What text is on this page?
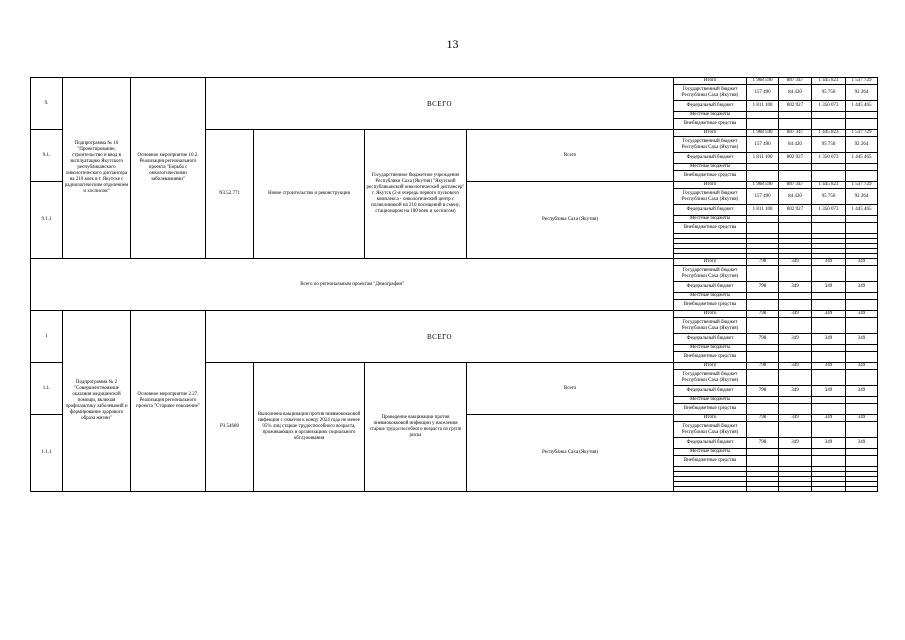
13
9.	Подпрограмма № 10 "Проектирование, строительство и ввод в эксплуатацию Якутского республиканского онкологического диспансера на 210 коек в г. Якутске с радиологическим отделением и хосписом"	Основное мероприятие 10.2. Реализация регионального проекта "Борьба с онкологическими заболеваниями"	ВСЕГО				Итого	1 968 590	887 347	1 445 823	1 537 729
							Государственный бюджет Республики Саха (Якутия)	157 490	84 420	95 750	92 264
							Федеральный бюджет	1 811 100	802 927	1 350 073	1 445 465
							Местные бюджеты				
							Внебюджетные средства				
9.1.			N3.52.771	Новое строительство и реконструкция	Государственное бюджетное учреждение Республики Саха (Якутия) "Якутский республиканский онкологический диспансер" г. Якутск (2-я очередь первого пускового комплекса - онкологический центр с поликлиникой на 210 посещений в смену, стационаром на 180 коек и хосписом)	Всего	Итого	1 968 590	887 347	1 445 823	1 537 729
							Государственный бюджет Республики Саха (Якутия)	157 490	84 420	95 750	92 264
							Федеральный бюджет	1 811 100	802 927	1 350 073	1 445 465
							Местные бюджеты				
							Внебюджетные средства				
9.1.1						Республика Саха (Якутия)	Итого	1 968 590	887 347	1 445 823	1 537 729
							Государственный бюджет Республики Саха (Якутия)	157 490	84 420	95 750	92 264
							Федеральный бюджет	1 811 100	802 927	1 350 073	1 445 465
							Местные бюджеты				
							Внебюджетные средства				

Всего по региональным проектам "Демография"							Итого	798	349	349	349
							Государственный бюджет Республики Саха (Якутия)				
							Федеральный бюджет	798	349	349	349
							Местные бюджеты				
							Внебюджетные средства				
1	Подпрограмма № 2 "Совершенствование оказания медицинской помощи, включая профилактику заболеваний и формирование здорового образа жизни"	Основное мероприятие 2.27. Реализация регионального проекта "Старшее поколение"	ВСЕГО				Итого	798	349	349	349
							Государственный бюджет Республики Саха (Якутия)				
							Федеральный бюджет	798	349	349	349
							Местные бюджеты				
							Внебюджетные средства				
1.1.			P3.54680	Выполнена вакцинация против пневмококковой инфекции с охватом к концу 2024 года не менее 95% лиц старше трудоспособного возраста, проживающих в организациях социального обслуживания	Проведение вакцинации против пневмококковой инфекции у населения старше трудоспособного возраста из групп риска	Всего	Итого	798	349	349	349
							Государственный бюджет Республики Саха (Якутия)				
							Федеральный бюджет	798	349	349	349
							Местные бюджеты				
							Внебюджетные средства				
1.1.1						Республика Саха (Якутия)	Итого	798	349	349	349
							Государственный бюджет Республики Саха (Якутия)				
							Федеральный бюджет	798	349	349	349
							Местные бюджеты				
							Внебюджетные средства				
